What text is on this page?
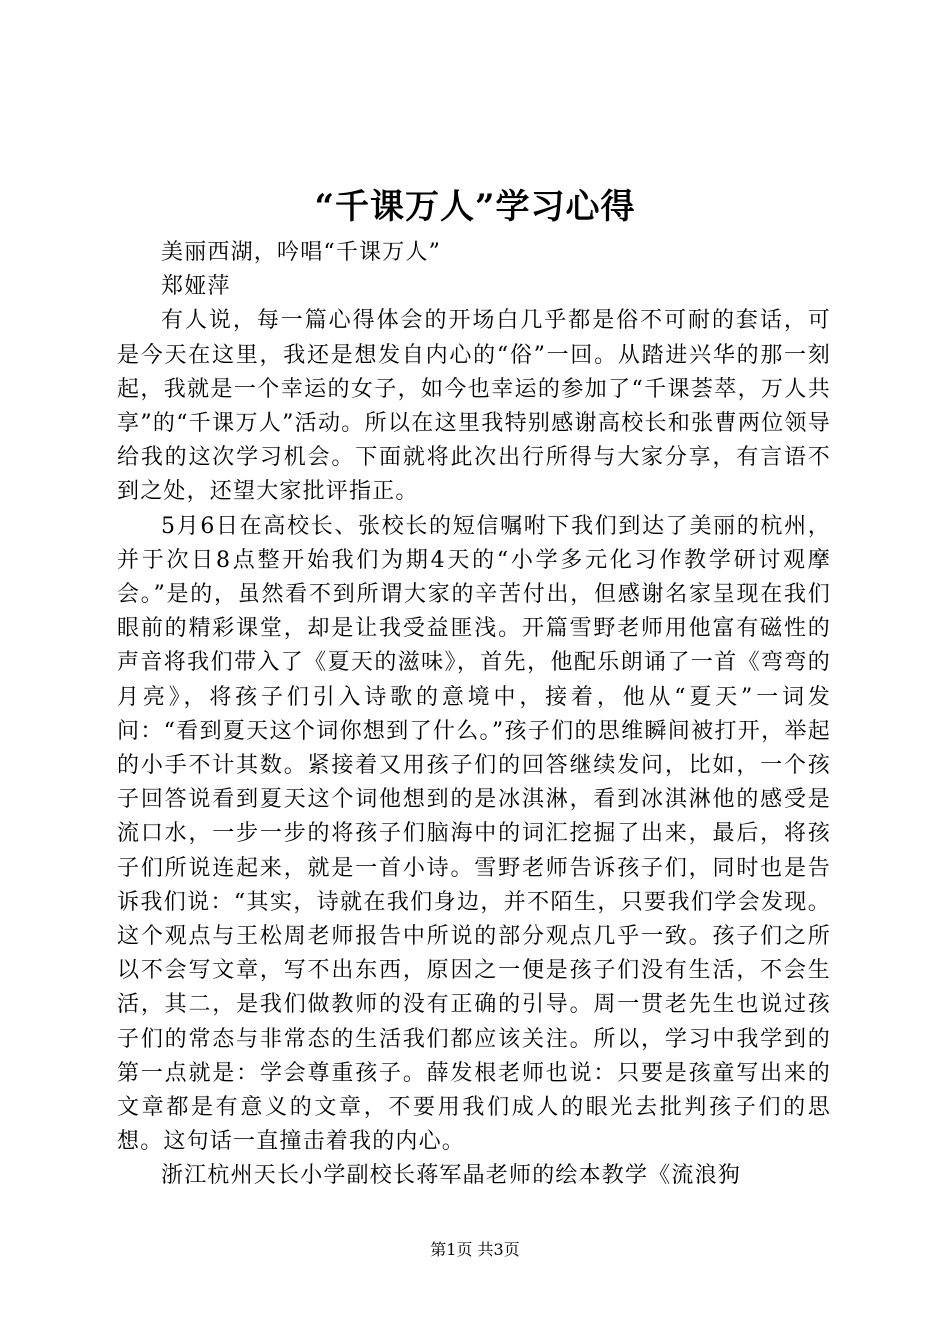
“千课万人”学习心得

美丽西湖，吟唱“千课万人”

郑娅萍

有人说，每一篇心得体会的开场白几乎都是俗不可耐的套话，可是今天在这里，我还是想发自内心的“俗”一回。从踏进兴华的那一刻起，我就是一个幸运的女子，如今也幸运的参加了“千课荟萃，万人共享”的“千课万人”活动。所以在这里我特别感谢高校长和张曹两位领导给我的这次学习机会。下面就将此次出行所得与大家分享，有言语不到之处，还望大家批评指正。

5月6日在高校长、张校长的短信嘱咐下我们到达了美丽的杭州，并于次日8点整开始我们为期4天的“小学多元化习作教学研讨观摩会。”是的，虽然看不到所谓大家的辛苦付出，但感谢名家呈现在我们眼前的精彩课堂，却是让我受益匪浅。开篇雪野老师用他富有磁性的声音将我们带入了《夏天的滋味》，首先，他配乐朗诵了一首《弯弯的月亮》，将孩子们引入诗歌的意境中，接着，他从“夏天”一词发问：“看到夏天这个词你想到了什么。”孩子们的思维瞬间被打开，举起的小手不计其数。紧接着又用孩子们的回答继续发问，比如，一个孩子回答说看到夏天这个词他想到的是冰淇淋，看到冰淇淋他的感受是流口水，一步一步的将孩子们脑海中的词汇挖掘了出来，最后，将孩子们所说连起来，就是一首小诗。雪野老师告诉孩子们，同时也是告诉我们说：“其实，诗就在我们身边，并不陌生，只要我们学会发现。这个观点与王松周老师报告中所说的部分观点几乎一致。孩子们之所以不会写文章，写不出东西，原因之一便是孩子们没有生活，不会生活，其二，是我们做教师的没有正确的引导。周一贯老先生也说过孩子们的常态与非常态的生活我们都应该关注。所以，学习中我学到的第一点就是：学会尊重孩子。薛发根老师也说：只要是孩童写出来的文章都是有意义的文章，不要用我们成人的眼光去批判孩子们的思想。这句话一直撞击着我的内心。

浙江杭州天长小学副校长蒋军晶老师的绘本教学《流浪狗

第1页 共3页
